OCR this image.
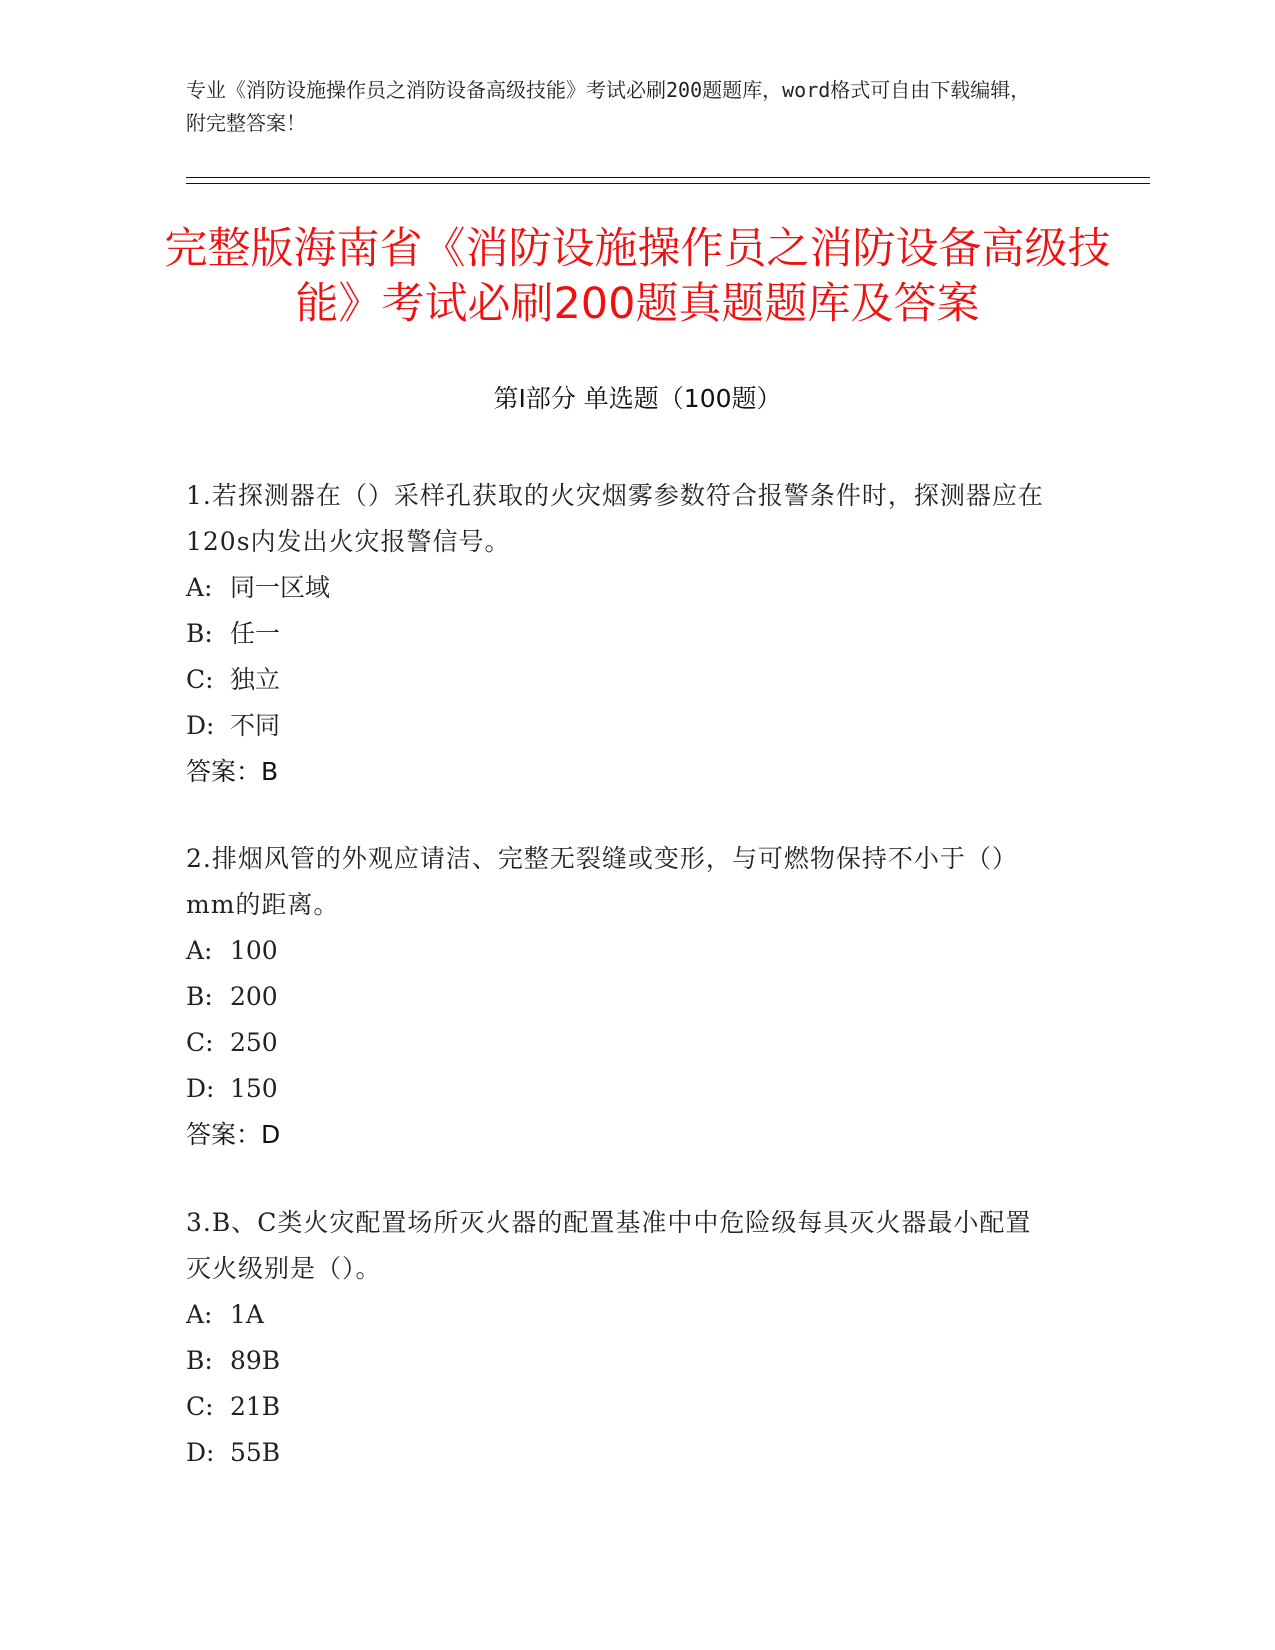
专业《消防设施操作员之消防设备高级技能》考试必刷200题题库，word格式可自由下载编辑，附完整答案！
完整版海南省《消防设施操作员之消防设备高级技能》考试必刷200题真题题库及答案
第Ⅰ部分 单选题（100题）

1.若探测器在（）采样孔获取的火灾烟雾参数符合报警条件时，探测器应在120s内发出火灾报警信号。

A: 同一区域

B: 任一

C: 独立

D: 不同

答案：B

2.排烟风管的外观应请洁、完整无裂缝或变形，与可燃物保持不小于（）mm的距离。

A: 100

B: 200

C: 250

D: 150

答案：D

3.B、C类火灾配置场所灭火器的配置基准中中危险级每具灭火器最小配置灭火级别是（）。

A: 1A

B: 89B

C: 21B

D: 55B
